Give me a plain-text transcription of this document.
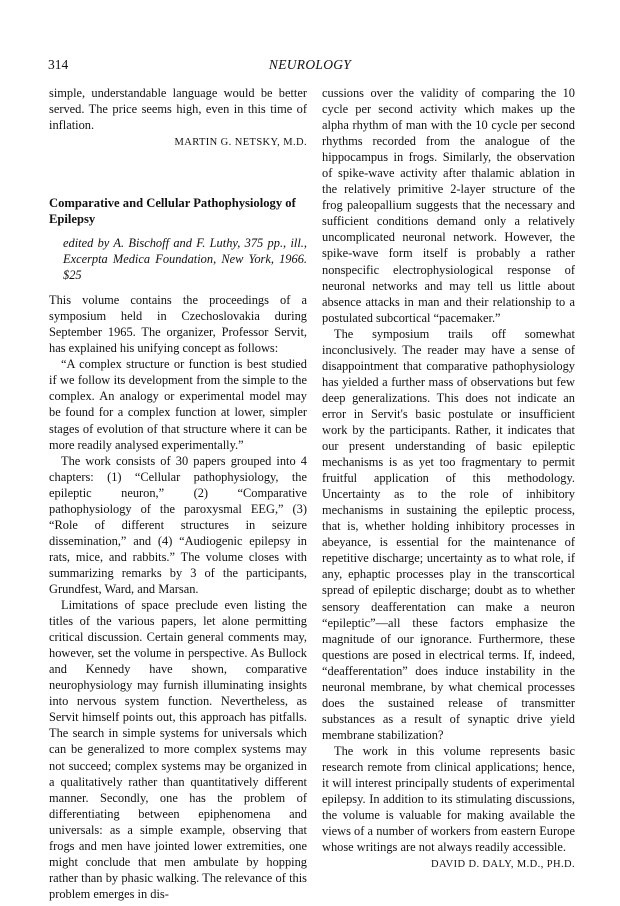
314	NEUROLOGY

simple, understandable language would be better served. The price seems high, even in this time of inflation.

MARTIN G. NETSKY, M.D.
Comparative and Cellular Pathophysiology of Epilepsy
edited by A. Bischoff and F. Luthy, 375 pp., ill., Excerpta Medica Foundation, New York, 1966. $25

This volume contains the proceedings of a symposium held in Czechoslovakia during September 1965. The organizer, Professor Servit, has explained his unifying concept as follows:

“A complex structure or function is best studied if we follow its development from the simple to the complex. An analogy or experimental model may be found for a complex function at lower, simpler stages of evolution of that structure where it can be more readily analysed experimentally.”

The work consists of 30 papers grouped into 4 chapters: (1) “Cellular pathophysiology, the epileptic neuron,” (2) “Comparative pathophysiology of the paroxysmal EEG,” (3) “Role of different structures in seizure dissemination,” and (4) “Audiogenic epilepsy in rats, mice, and rabbits.” The volume closes with summarizing remarks by 3 of the participants, Grundfest, Ward, and Marsan.

Limitations of space preclude even listing the titles of the various papers, let alone permitting critical discussion. Certain general comments may, however, set the volume in perspective. As Bullock and Kennedy have shown, comparative neurophysiology may furnish illuminating insights into nervous system function. Nevertheless, as Servit himself points out, this approach has pitfalls. The search in simple systems for universals which can be generalized to more complex systems may not succeed; complex systems may be organized in a qualitatively rather than quantitatively different manner. Secondly, one has the problem of differentiating between epiphenomena and universals: as a simple example, observing that frogs and men have jointed lower extremities, one might conclude that men ambulate by hopping rather than by phasic walking. The relevance of this problem emerges in dis-

cussions over the validity of comparing the 10 cycle per second activity which makes up the alpha rhythm of man with the 10 cycle per second rhythms recorded from the analogue of the hippocampus in frogs. Similarly, the observation of spike-wave activity after thalamic ablation in the relatively primitive 2-layer structure of the frog paleopallium suggests that the necessary and sufficient conditions demand only a relatively uncomplicated neuronal network. However, the spike-wave form itself is probably a rather nonspecific electrophysiological response of neuronal networks and may tell us little about absence attacks in man and their relationship to a postulated subcortical “pacemaker.”

The symposium trails off somewhat inconclusively. The reader may have a sense of disappointment that comparative pathophysiology has yielded a further mass of observations but few deep generalizations. This does not indicate an error in Servit's basic postulate or insufficient work by the participants. Rather, it indicates that our present understanding of basic epileptic mechanisms is as yet too fragmentary to permit fruitful application of this methodology. Uncertainty as to the role of inhibitory mechanisms in sustaining the epileptic process, that is, whether holding inhibitory processes in abeyance, is essential for the maintenance of repetitive discharge; uncertainty as to what role, if any, ephaptic processes play in the transcortical spread of epileptic discharge; doubt as to whether sensory deafferentation can make a neuron “epileptic”—all these factors emphasize the magnitude of our ignorance. Furthermore, these questions are posed in electrical terms. If, indeed, “deafferentation” does induce instability in the neuronal membrane, by what chemical processes does the sustained release of transmitter substances as a result of synaptic drive yield membrane stabilization?

The work in this volume represents basic research remote from clinical applications; hence, it will interest principally students of experimental epilepsy. In addition to its stimulating discussions, the volume is valuable for making available the views of a number of workers from eastern Europe whose writings are not always readily accessible.

DAVID D. DALY, M.D., PH.D.
